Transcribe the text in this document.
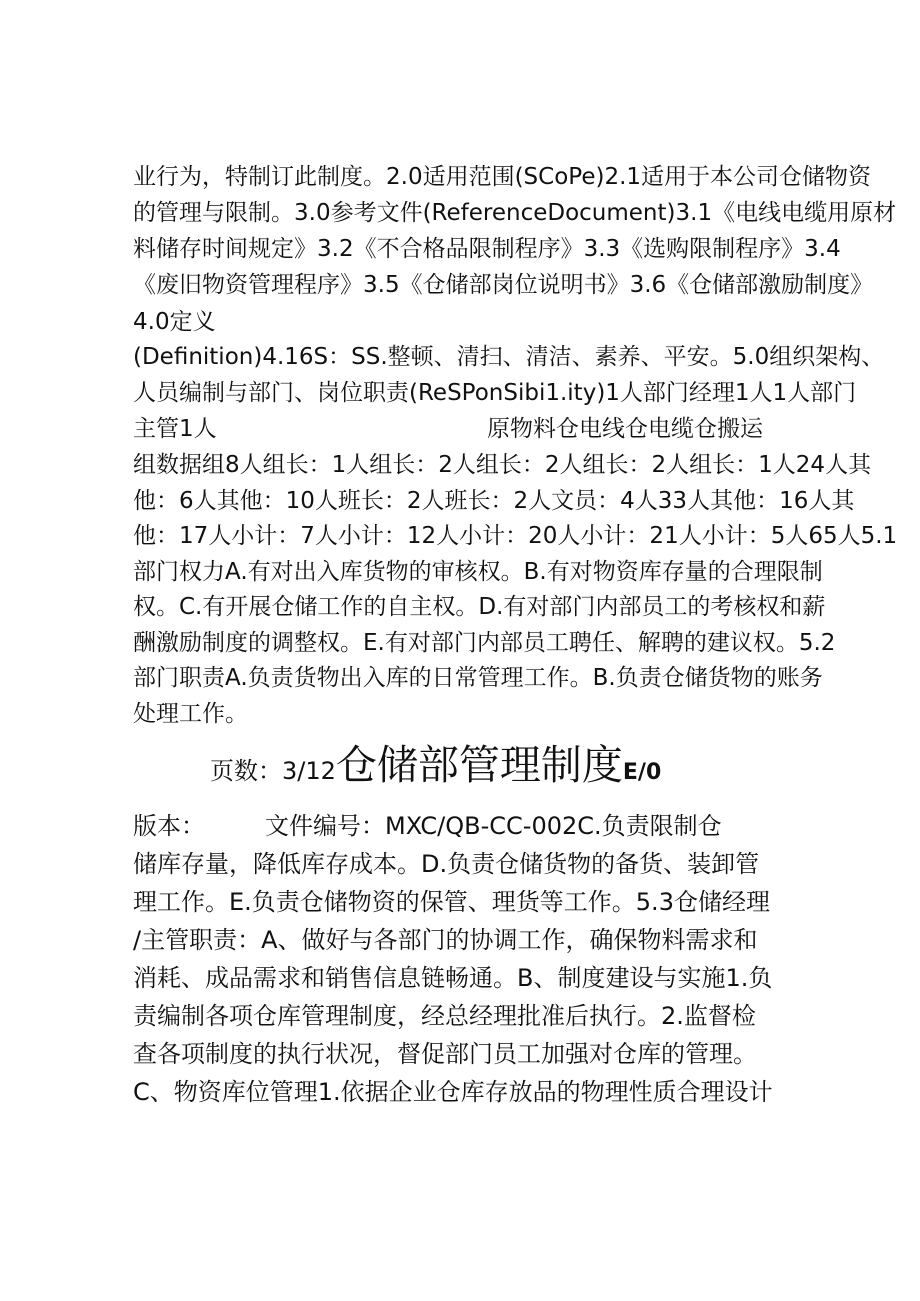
业行为，特制订此制度。2.0适用范围(SCoPe)2.1适用于本公司仓储物资
的管理与限制。3.0参考文件(ReferenceDocument)3.1《电线电缆用原材
料储存时间规定》3.2《不合格品限制程序》3.3《选购限制程序》3.4
《废旧物资管理程序》3.5《仓储部岗位说明书》3.6《仓储部激励制度》
4.0定义
(Definition)4.16S：SS.整顿、清扫、清洁、素养、平安。5.0组织架构、
人员编制与部门、岗位职责(ReSPonSibi1.ity)1人部门经理1人1人部门
主管1人	原物料仓电线仓电缆仓搬运
组数据组8人组长：1人组长：2人组长：2人组长：2人组长：1人24人其
他：6人其他：10人班长：2人班长：2人文员：4人33人其他：16人其
他：17人小计：7人小计：12人小计：20人小计：21人小计：5人65人5.1
部门权力A.有对出入库货物的审核权。B.有对物资库存量的合理限制
权。C.有开展仓储工作的自主权。D.有对部门内部员工的考核权和薪
酬激励制度的调整权。E.有对部门内部员工聘任、解聘的建议权。5.2
部门职责A.负责货物出入库的日常管理工作。B.负责仓储货物的账务
处理工作。
页数：3/12仓储部管理制度E/0
版本：	文件编号：MXC/QB-CC-002C.负责限制仓
储库存量，降低库存成本。D.负责仓储货物的备货、装卸管
理工作。E.负责仓储物资的保管、理货等工作。5.3仓储经理
/主管职责：A、做好与各部门的协调工作，确保物料需求和
消耗、成品需求和销售信息链畅通。B、制度建设与实施1.负
责编制各项仓库管理制度，经总经理批准后执行。2.监督检
查各项制度的执行状况，督促部门员工加强对仓库的管理。
C、物资库位管理1.依据企业仓库存放品的物理性质合理设计
